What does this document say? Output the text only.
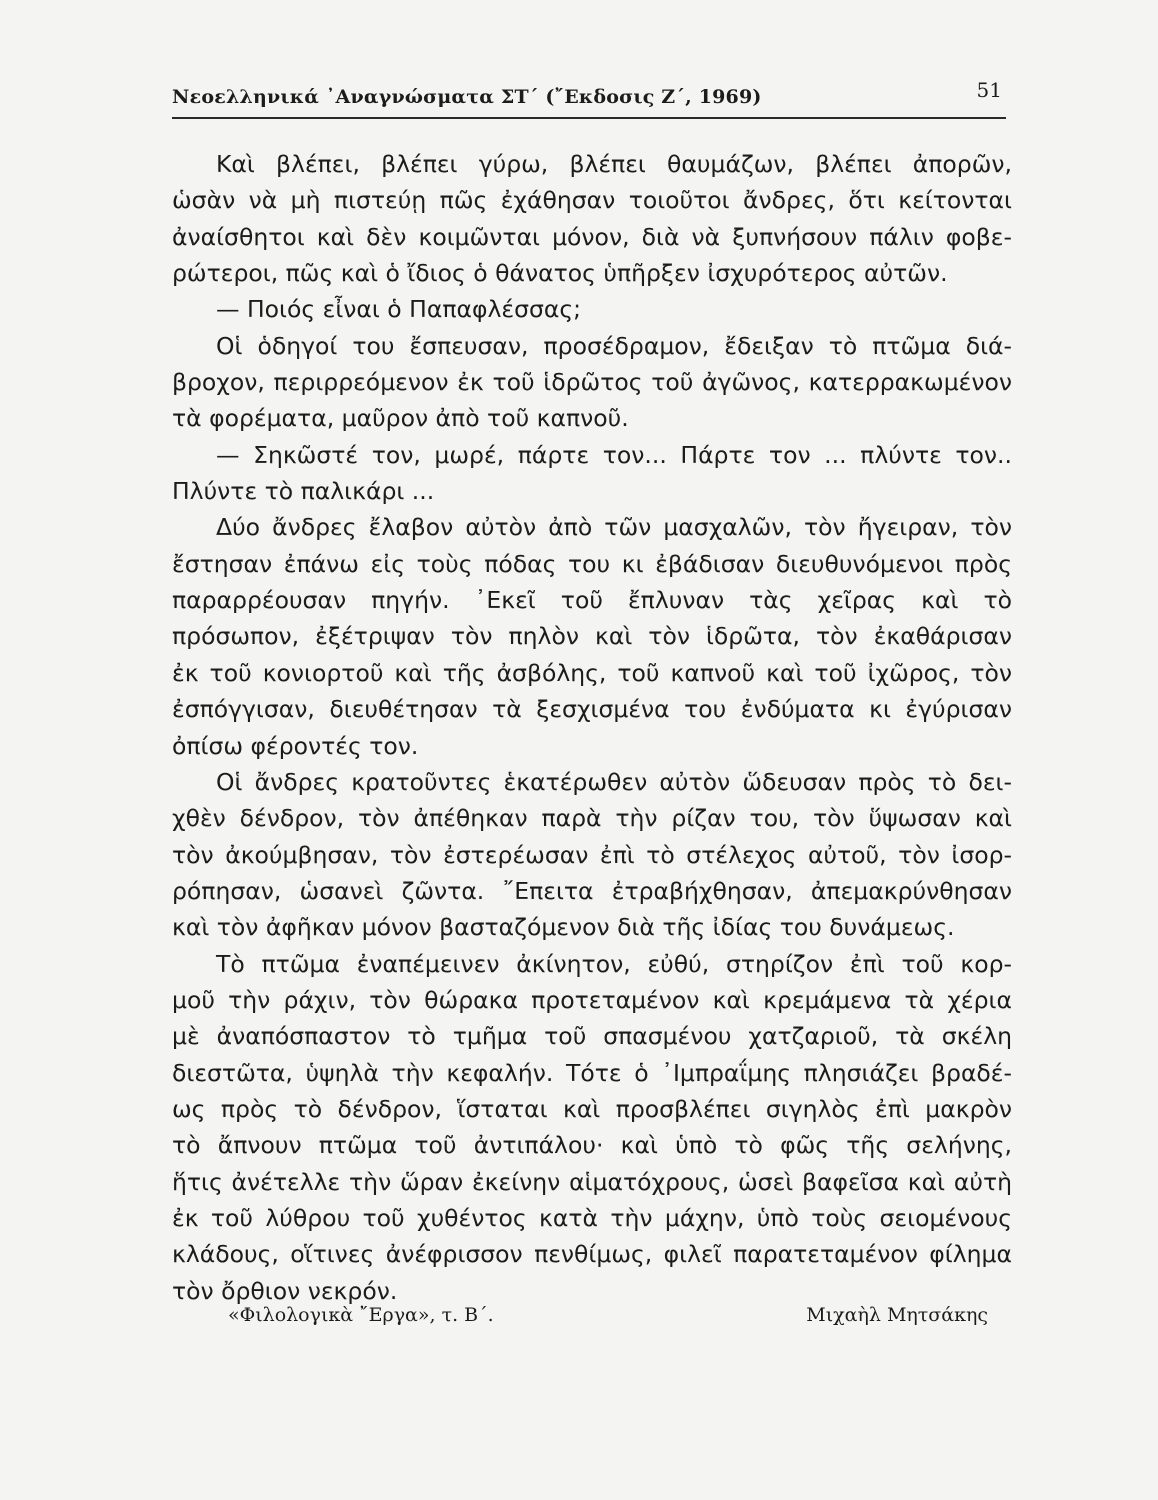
Νεοελληνικά ᾿Αναγνώσματα ΣΤ΄ (῎Εκδοσις Ζ΄, 1969)	51
Καὶ βλέπει, βλέπει γύρω, βλέπει θαυμάζων, βλέπει ἀπορῶν,
ὡσὰν νὰ μὴ πιστεύῃ πῶς ἐχάθησαν τοιοῦτοι ἄνδρες, ὅτι κείτονται
ἀναίσθητοι καὶ δὲν κοιμῶνται μόνον, διὰ νὰ ξυπνήσουν πάλιν φοβε-
ρώτεροι, πῶς καὶ ὁ ἴδιος ὁ θάνατος ὑπῆρξεν ἰσχυρότερος αὐτῶν.
— Ποιός εἶναι ὁ Παπαφλέσσας;
Οἱ ὁδηγοί του ἔσπευσαν, προσέδραμον, ἔδειξαν τὸ πτῶμα διά-
βροχον, περιρρεόμενον ἐκ τοῦ ἱδρῶτος τοῦ ἀγῶνος, κατερρακωμένον
τὰ φορέματα, μαῦρον ἀπὸ τοῦ καπνοῦ.
— Σηκῶστέ τον, μωρέ, πάρτε τον... Πάρτε τον ... πλύντε τον..
Πλύντε τὸ παλικάρι ...
Δύο ἄνδρες ἔλαβον αὐτὸν ἀπὸ τῶν μασχαλῶν, τὸν ἤγειραν, τὸν
ἔστησαν ἐπάνω εἰς τοὺς πόδας του κι ἐβάδισαν διευθυνόμενοι πρὸς
παραρρέουσαν πηγήν. ᾿Εκεῖ τοῦ ἔπλυναν τὰς χεῖρας καὶ τὸ
πρόσωπον, ἐξέτριψαν τὸν πηλὸν καὶ τὸν ἱδρῶτα, τὸν ἐκαθάρισαν
ἐκ τοῦ κονιορτοῦ καὶ τῆς ἀσβόλης, τοῦ καπνοῦ καὶ τοῦ ἰχῶρος, τὸν
ἐσπόγγισαν, διευθέτησαν τὰ ξεσχισμένα του ἐνδύματα κι ἐγύρισαν
ὀπίσω φέροντές τον.
Οἱ ἄνδρες κρατοῦντες ἑκατέρωθεν αὐτὸν ὥδευσαν πρὸς τὸ δει-
χθὲν δένδρον, τὸν ἀπέθηκαν παρὰ τὴν ρίζαν του, τὸν ὕψωσαν καὶ
τὸν ἀκούμβησαν, τὸν ἐστερέωσαν ἐπὶ τὸ στέλεχος αὐτοῦ, τὸν ἰσορ-
ρόπησαν, ὡσανεὶ ζῶντα. ῎Επειτα ἐτραβήχθησαν, ἀπεμακρύνθησαν
καὶ τὸν ἀφῆκαν μόνον βασταζόμενον διὰ τῆς ἰδίας του δυνάμεως.
Τὸ πτῶμα ἐναπέμεινεν ἀκίνητον, εὐθύ, στηρίζον ἐπὶ τοῦ κορ-
μοῦ τὴν ράχιν, τὸν θώρακα προτεταμένον καὶ κρεμάμενα τὰ χέρια
μὲ ἀναπόσπαστον τὸ τμῆμα τοῦ σπασμένου χατζαριοῦ, τὰ σκέλη
διεστῶτα, ὑψηλὰ τὴν κεφαλήν. Τότε ὁ ᾿Ιμπραΐμης πλησιάζει βραδέ-
ως πρὸς τὸ δένδρον, ἵσταται καὶ προσβλέπει σιγηλὸς ἐπὶ μακρὸν
τὸ ἄπνουν πτῶμα τοῦ ἀντιπάλου· καὶ ὑπὸ τὸ φῶς τῆς σελήνης,
ἥτις ἀνέτελλε τὴν ὥραν ἐκείνην αἱματόχρους, ὡσεὶ βαφεῖσα καὶ αὐτὴ
ἐκ τοῦ λύθρου τοῦ χυθέντος κατὰ τὴν μάχην, ὑπὸ τοὺς σειομένους
κλάδους, οἵτινες ἀνέφρισσον πενθίμως, φιλεῖ παρατεταμένον φίλημα
τὸν ὄρθιον νεκρόν.
«Φιλολογικὰ ῎Εργα», τ. Β΄.	Μιχαὴλ Μητσάκης
